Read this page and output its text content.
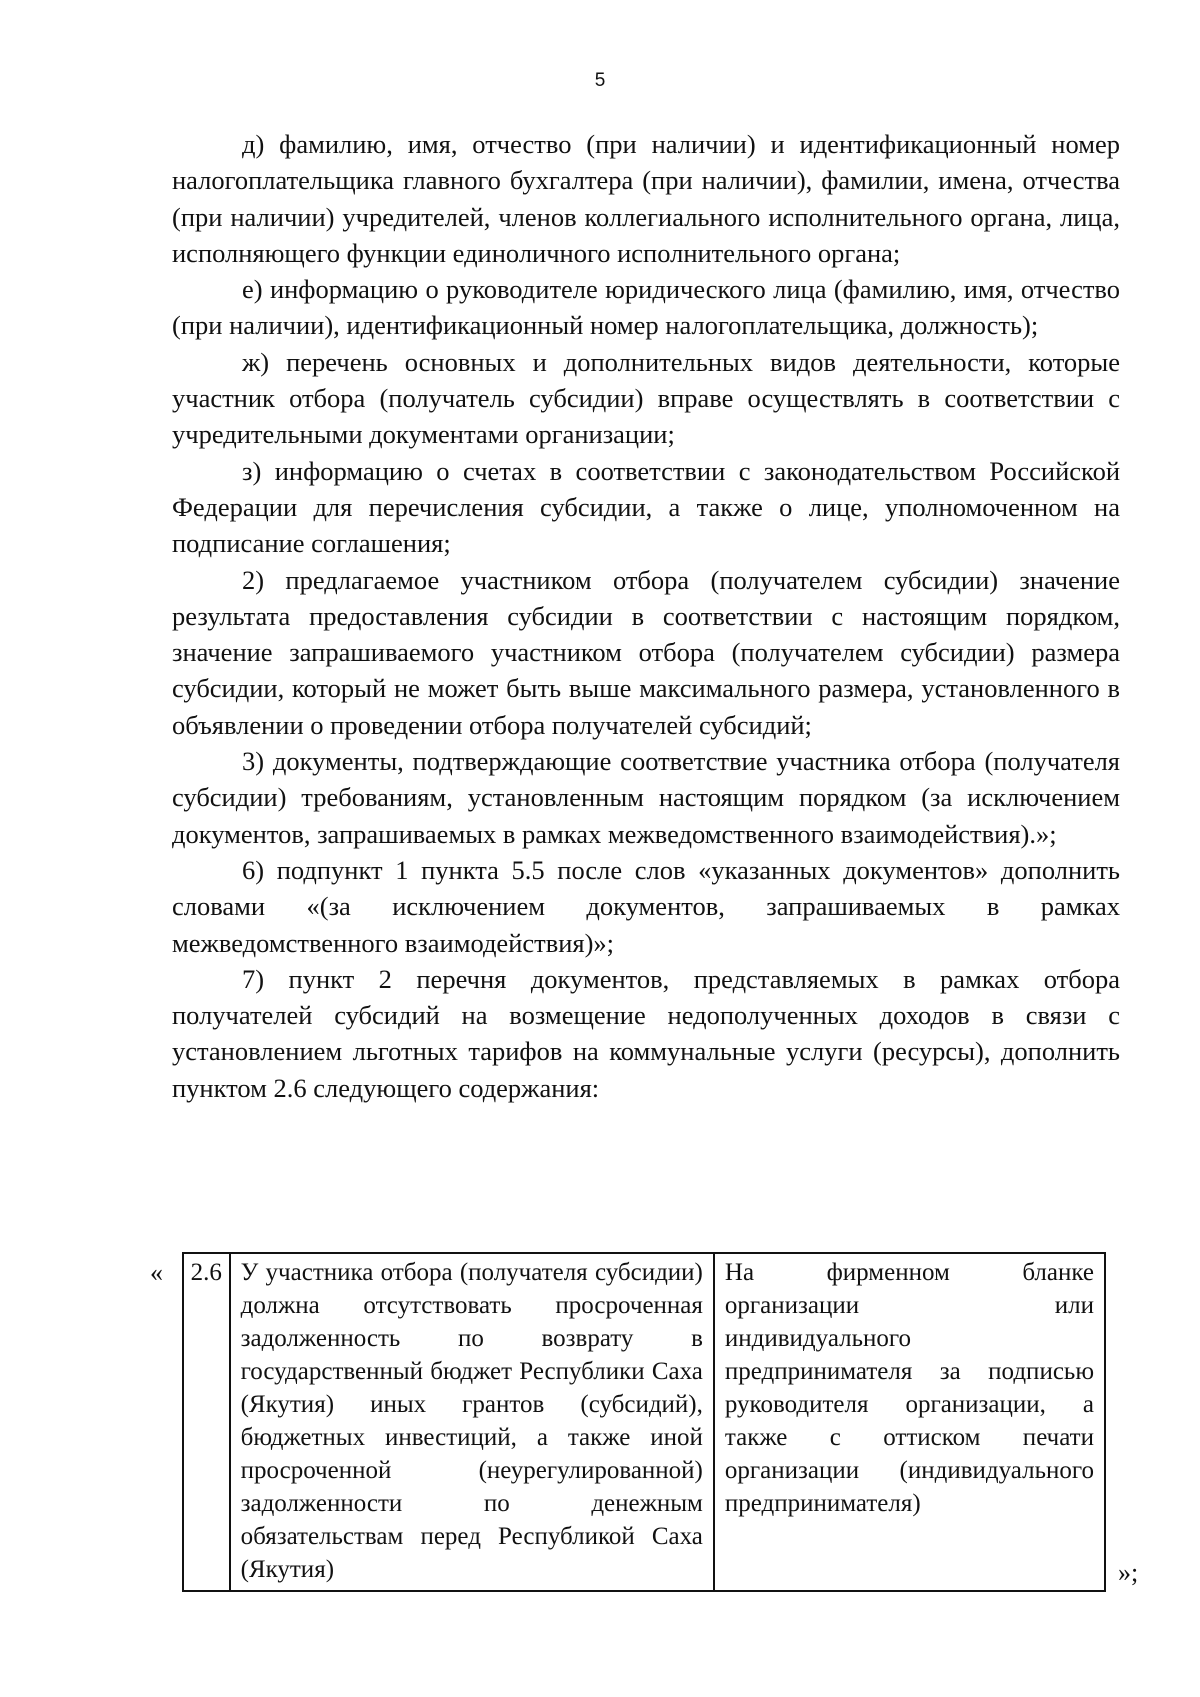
5

д) фамилию, имя, отчество (при наличии) и идентификационный номер налогоплательщика главного бухгалтера (при наличии), фамилии, имена, отчества (при наличии) учредителей, членов коллегиального исполнительного органа, лица, исполняющего функции единоличного исполнительного органа;

е) информацию о руководителе юридического лица (фамилию, имя, отчество (при наличии), идентификационный номер налогоплательщика, должность);

ж) перечень основных и дополнительных видов деятельности, которые участник отбора (получатель субсидии) вправе осуществлять в соответствии с учредительными документами организации;

з) информацию о счетах в соответствии с законодательством Российской Федерации для перечисления субсидии, а также о лице, уполномоченном на подписание соглашения;

2) предлагаемое участником отбора (получателем субсидии) значение результата предоставления субсидии в соответствии с настоящим порядком, значение запрашиваемого участником отбора (получателем субсидии) размера субсидии, который не может быть выше максимального размера, установленного в объявлении о проведении отбора получателей субсидий;

3) документы, подтверждающие соответствие участника отбора (получателя субсидии) требованиям, установленным настоящим порядком (за исключением документов, запрашиваемых в рамках межведомственного взаимодействия).»;

6) подпункт 1 пункта 5.5 после слов «указанных документов» дополнить словами «(за исключением документов, запрашиваемых в рамках межведомственного взаимодействия)»;

7) пункт 2 перечня документов, представляемых в рамках отбора получателей субсидий на возмещение недополученных доходов в связи с установлением льготных тарифов на коммунальные услуги (ресурсы), дополнить пунктом 2.6 следующего содержания:

« 2.6	У участника отбора (получателя субсидии) должна отсутствовать просроченная задолженность по возврату в государственный бюджет Республики Саха (Якутия) иных грантов (субсидий), бюджетных инвестиций, а также иной просроченной (неурегулированной) задолженности по денежным обязательствам перед Республикой Саха (Якутия)	На фирменном бланке организации или индивидуального предпринимателя за подписью руководителя организации, а также с оттиском печати организации (индивидуального предпринимателя)
»;
